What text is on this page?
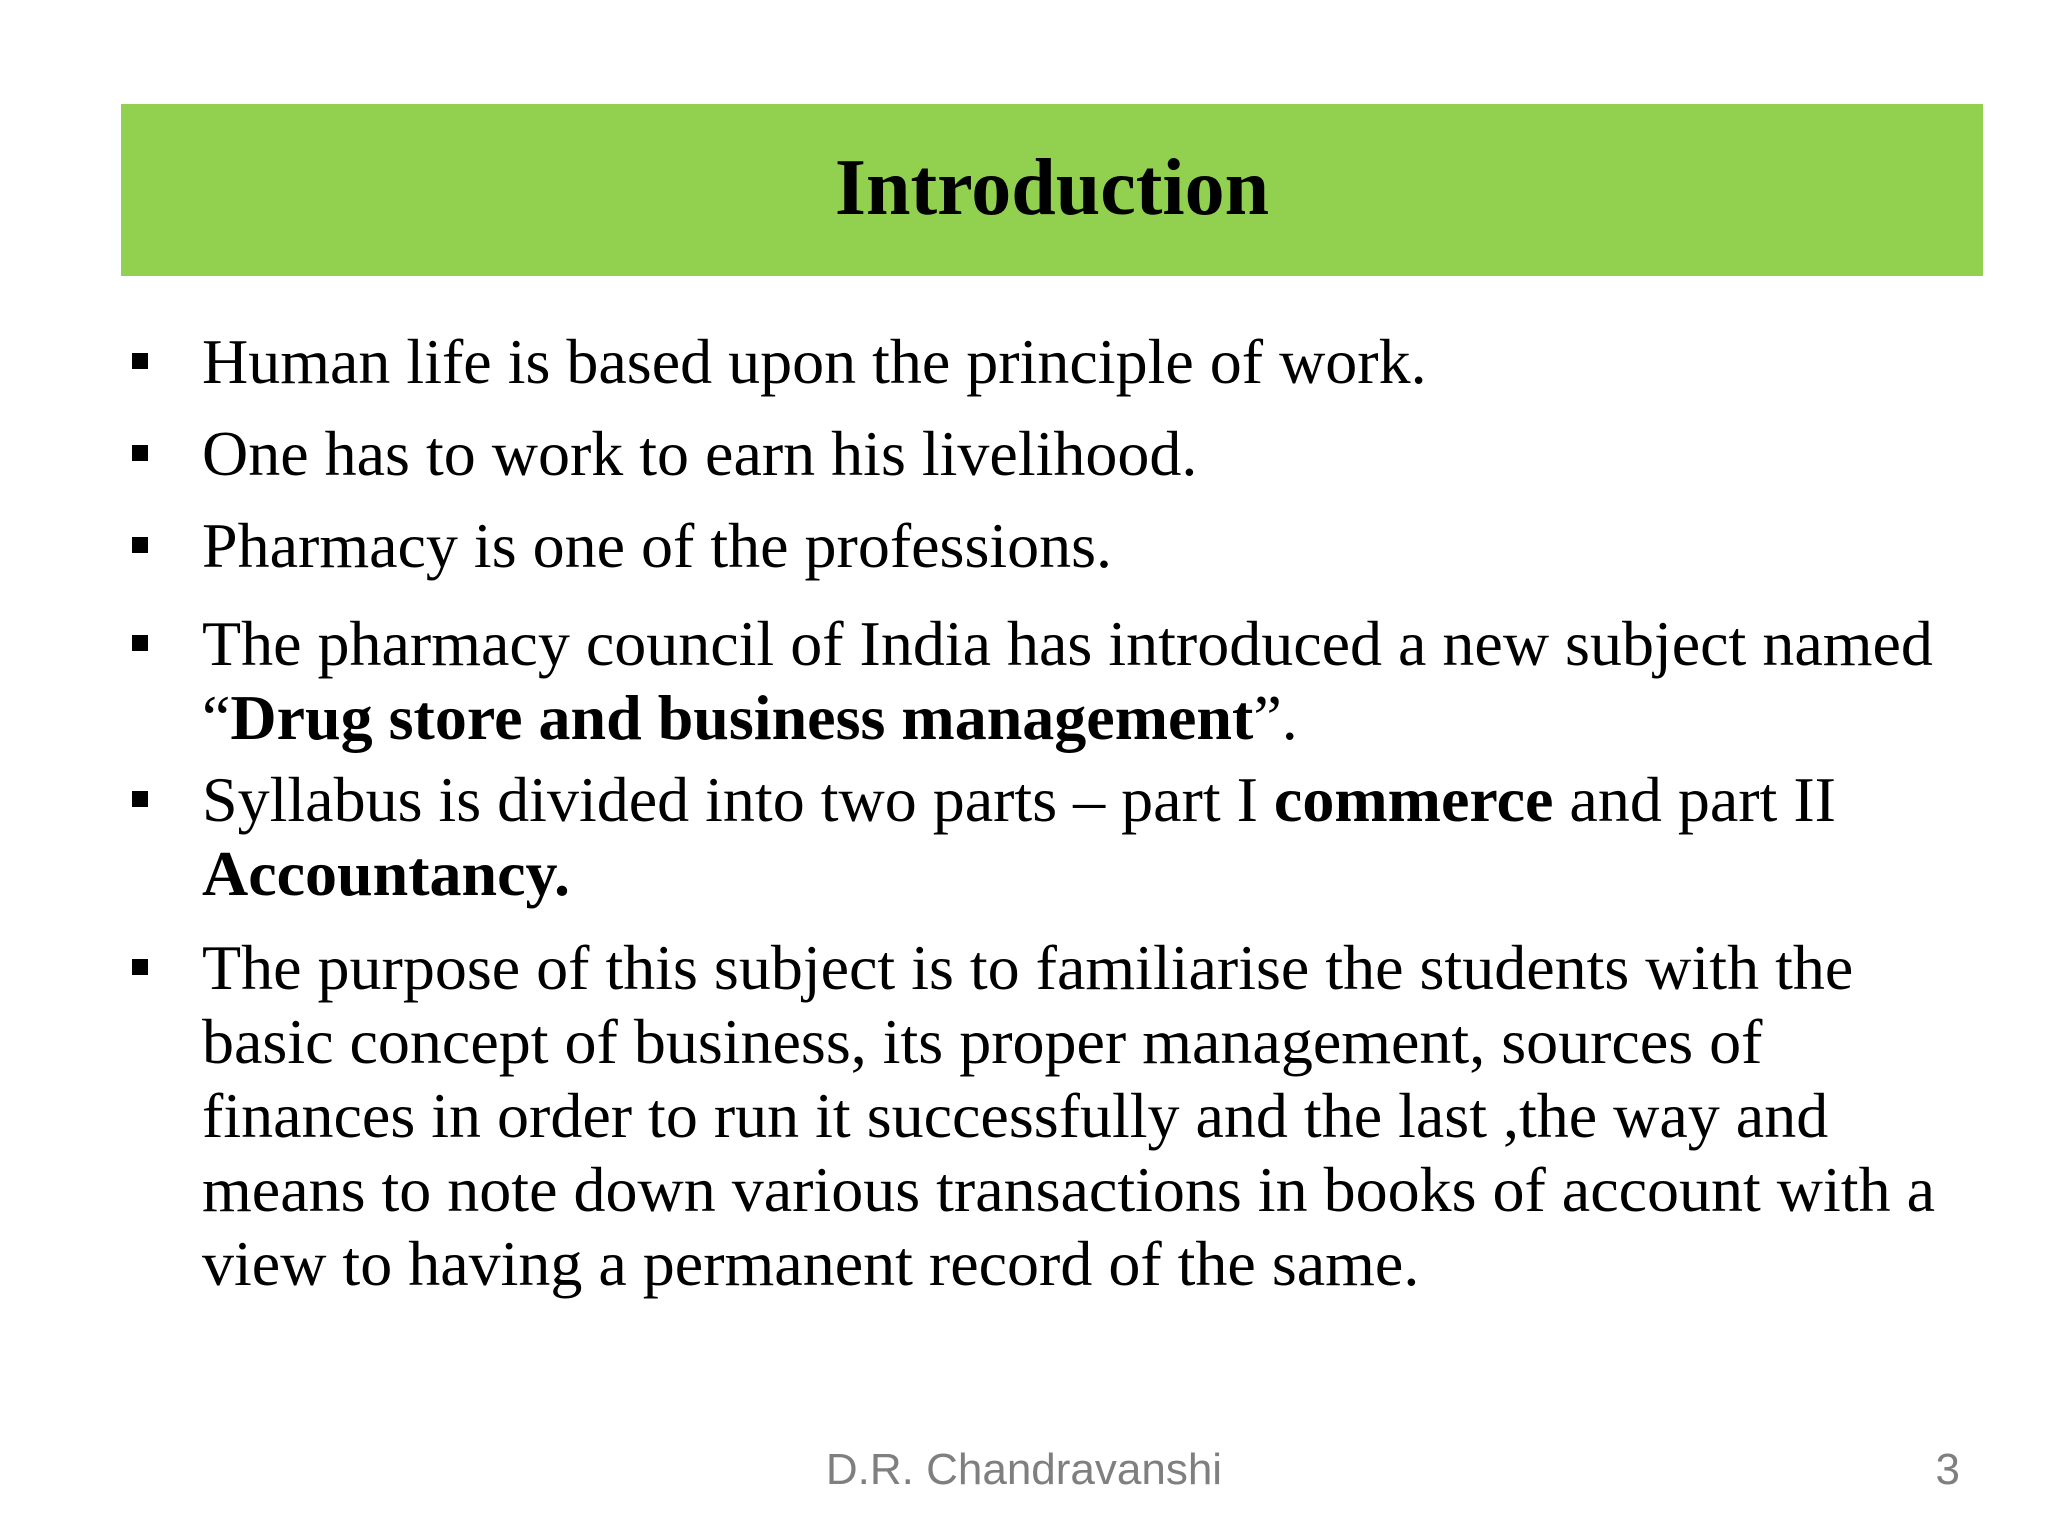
Introduction
Human life is based upon the principle of work.
One has to work to earn his livelihood.
Pharmacy is one of the professions.
The pharmacy council of India has introduced a new subject named “Drug store and business management”.
Syllabus is divided into two parts – part I commerce and part II Accountancy.
The purpose of this subject is to familiarise the students with the basic concept of business, its proper management, sources of finances in order to run it successfully and the last ,the way and means to note down various transactions in books of account with a view to having a permanent record of the same.
D.R. Chandravanshi	3
